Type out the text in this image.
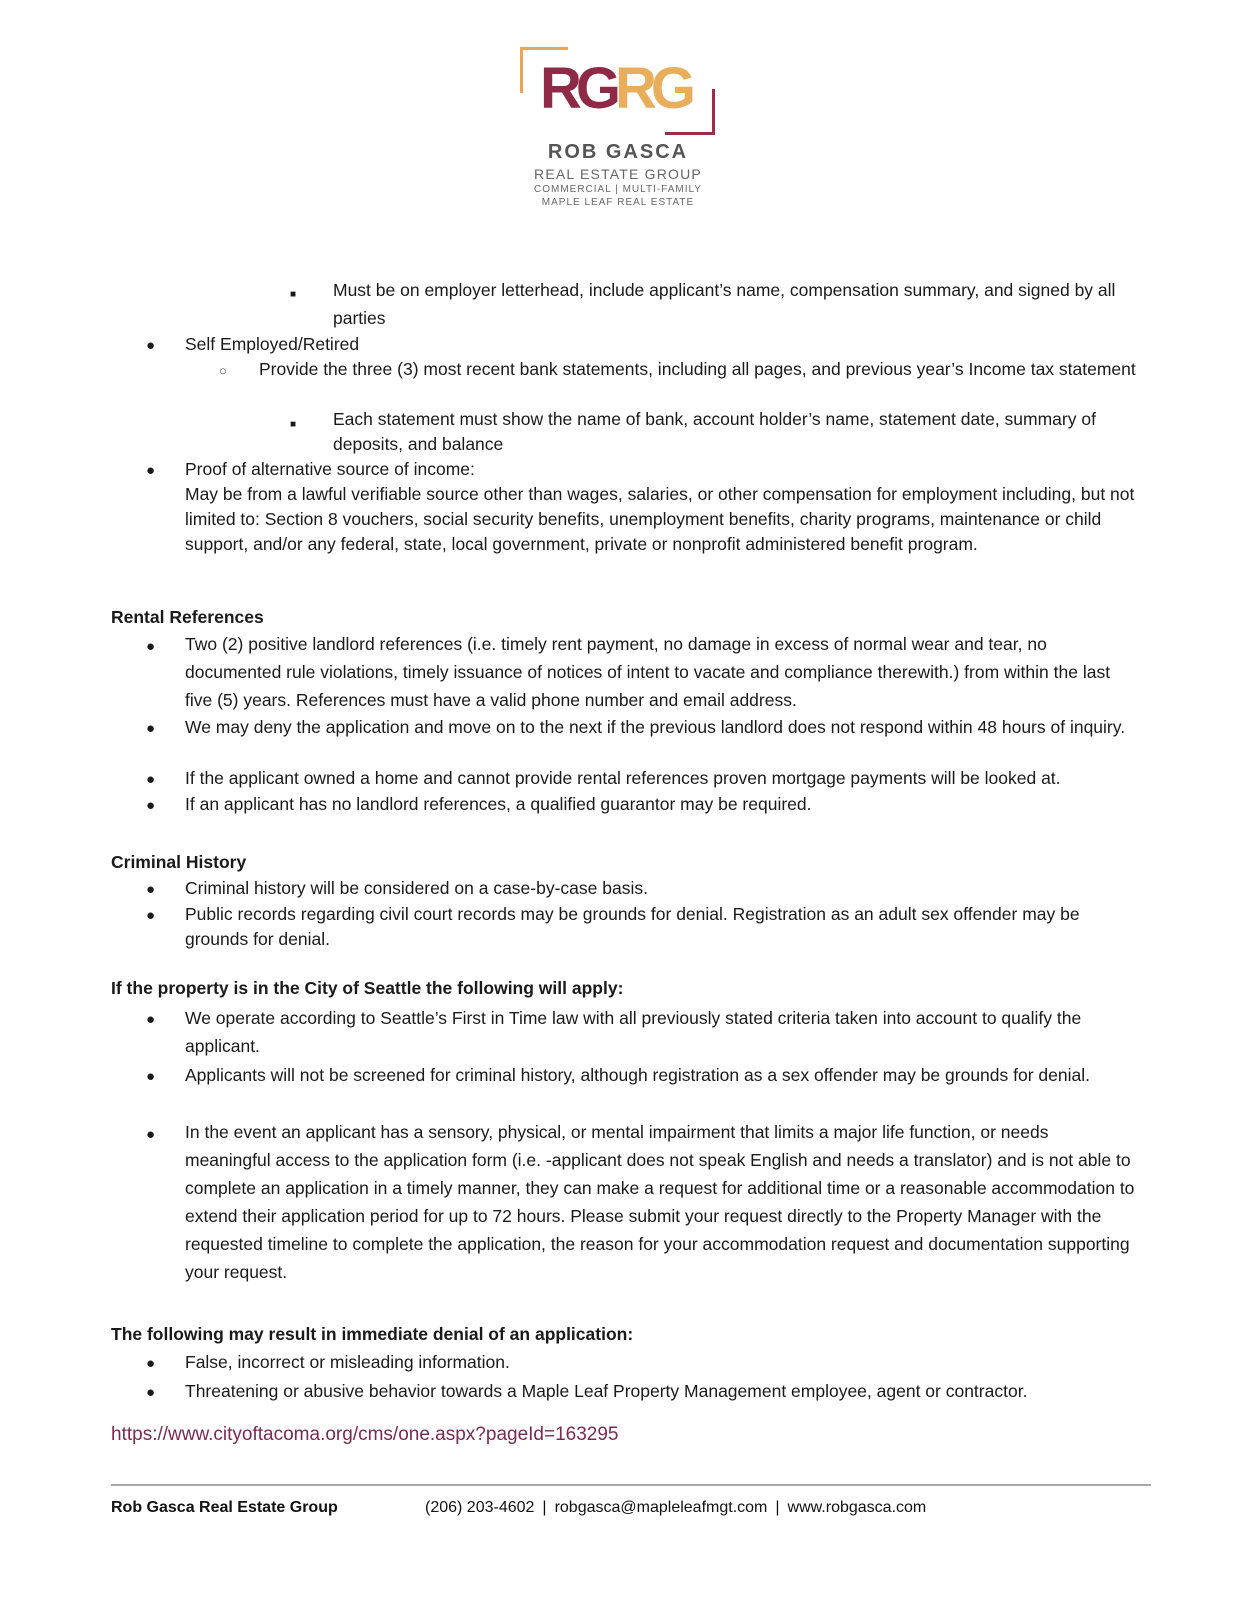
RGRG
ROB GASCA
REAL ESTATE GROUP
COMMERCIAL | MULTI-FAMILY
MAPLE LEAF REAL ESTATE
■ Must be on employer letterhead, include applicant’s name, compensation summary, and signed by all parties
● Self Employed/Retired
○ Provide the three (3) most recent bank statements, including all pages, and previous year’s Income tax statement
■ Each statement must show the name of bank, account holder’s name, statement date, summary of deposits, and balance
● Proof of alternative source of income:
May be from a lawful verifiable source other than wages, salaries, or other compensation for employment including, but not limited to: Section 8 vouchers, social security benefits, unemployment benefits, charity programs, maintenance or child support, and/or any federal, state, local government, private or nonprofit administered benefit program.
Rental References
● Two (2) positive landlord references (i.e. timely rent payment, no damage in excess of normal wear and tear, no documented rule violations, timely issuance of notices of intent to vacate and compliance therewith.) from within the last five (5) years. References must have a valid phone number and email address.
● We may deny the application and move on to the next if the previous landlord does not respond within 48 hours of inquiry.
● If the applicant owned a home and cannot provide rental references proven mortgage payments will be looked at.
● If an applicant has no landlord references, a qualified guarantor may be required.
Criminal History
● Criminal history will be considered on a case-by-case basis.
● Public records regarding civil court records may be grounds for denial. Registration as an adult sex offender may be grounds for denial.
If the property is in the City of Seattle the following will apply:
● We operate according to Seattle’s First in Time law with all previously stated criteria taken into account to qualify the applicant.
● Applicants will not be screened for criminal history, although registration as a sex offender may be grounds for denial.
● In the event an applicant has a sensory, physical, or mental impairment that limits a major life function, or needs meaningful access to the application form (i.e. -applicant does not speak English and needs a translator) and is not able to complete an application in a timely manner, they can make a request for additional time or a reasonable accommodation to extend their application period for up to 72 hours. Please submit your request directly to the Property Manager with the requested timeline to complete the application, the reason for your accommodation request and documentation supporting your request.
The following may result in immediate denial of an application:
● False, incorrect or misleading information.
● Threatening or abusive behavior towards a Maple Leaf Property Management employee, agent or contractor.
https://www.cityoftacoma.org/cms/one.aspx?pageId=163295
Rob Gasca Real Estate Group	(206) 203-4602 | robgasca@mapleleafmgt.com | www.robgasca.com
